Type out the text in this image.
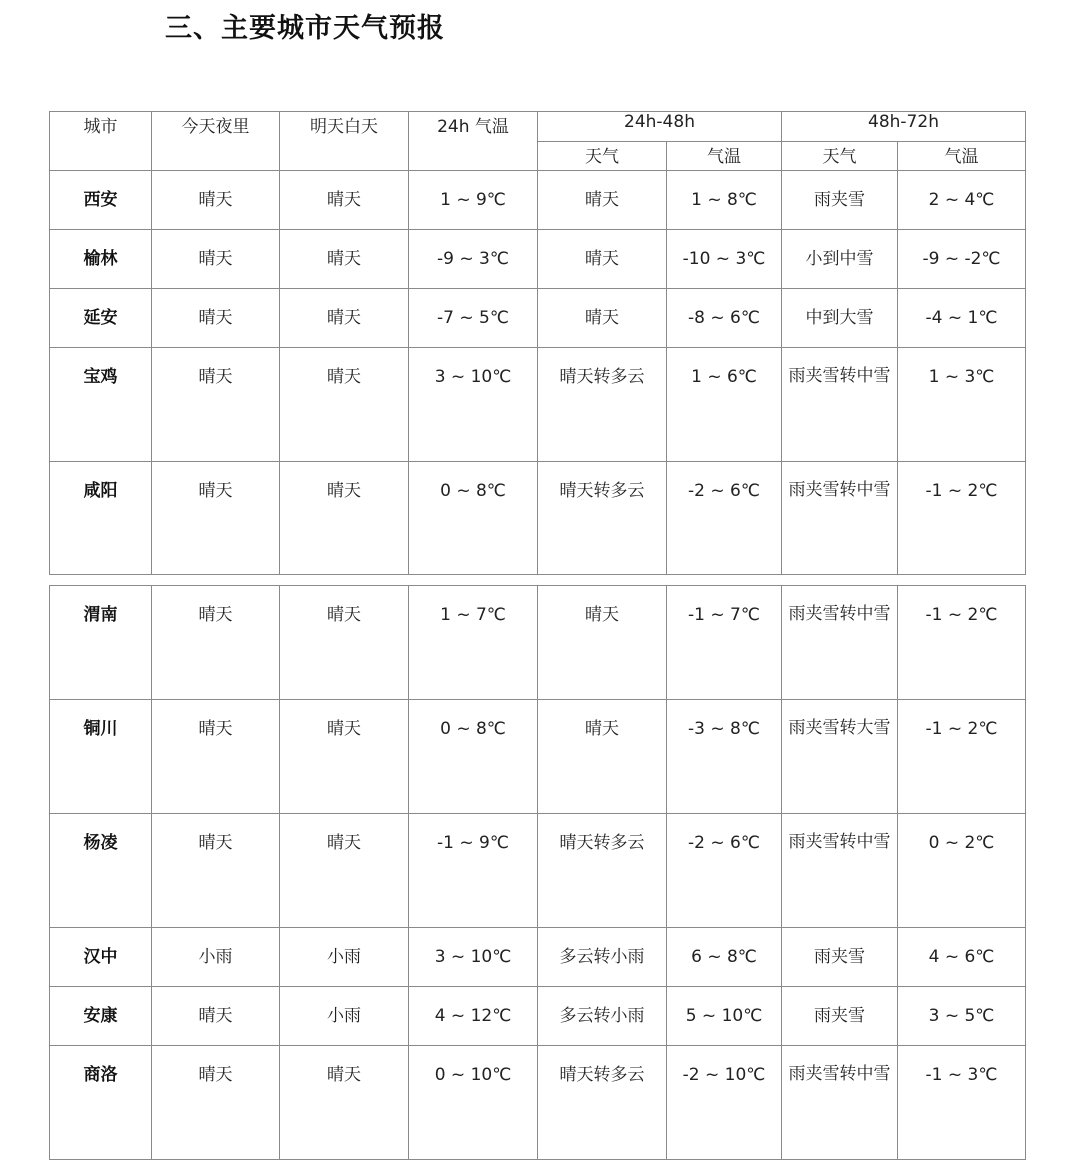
三、主要城市天气预报
城市	今天夜里	明天白天	24h 气温	24h-48h		48h-72h	
				天气	气温	天气	气温

西安	晴天	晴天	1 ~ 9℃	晴天	1 ~ 8℃	雨夹雪	2 ~ 4℃

榆林	晴天	晴天	-9 ~ 3℃	晴天	-10 ~ 3℃	小到中雪	-9 ~ -2℃

延安	晴天	晴天	-7 ~ 5℃	晴天	-8 ~ 6℃	中到大雪	-4 ~ 1℃

宝鸡	晴天	晴天	3 ~ 10℃	晴天转多云	1 ~ 6℃	雨夹雪转中雪	1 ~ 3℃

咸阳	晴天	晴天	0 ~ 8℃	晴天转多云	-2 ~ 6℃	雨夹雪转中雪	-1 ~ 2℃
渭南	晴天	晴天	1 ~ 7℃	晴天	-1 ~ 7℃	雨夹雪转中雪	-1 ~ 2℃

铜川	晴天	晴天	0 ~ 8℃	晴天	-3 ~ 8℃	雨夹雪转大雪	-1 ~ 2℃

杨凌	晴天	晴天	-1 ~ 9℃	晴天转多云	-2 ~ 6℃	雨夹雪转中雪	0 ~ 2℃

汉中	小雨	小雨	3 ~ 10℃	多云转小雨	6 ~ 8℃	雨夹雪	4 ~ 6℃

安康	晴天	小雨	4 ~ 12℃	多云转小雨	5 ~ 10℃	雨夹雪	3 ~ 5℃

商洛	晴天	晴天	0 ~ 10℃	晴天转多云	-2 ~ 10℃	雨夹雪转中雪	-1 ~ 3℃
